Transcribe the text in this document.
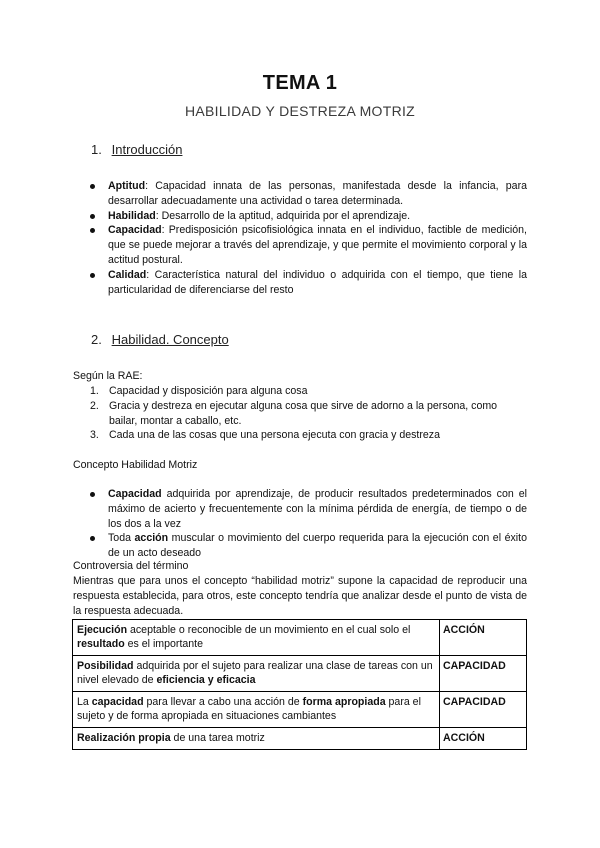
TEMA 1
HABILIDAD Y DESTREZA MOTRIZ
1. Introducción
Aptitud: Capacidad innata de las personas, manifestada desde la infancia, para desarrollar adecuadamente una actividad o tarea determinada.
Habilidad: Desarrollo de la aptitud, adquirida por el aprendizaje.
Capacidad: Predisposición psicofisiológica innata en el individuo, factible de medición, que se puede mejorar a través del aprendizaje, y que permite el movimiento corporal y la actitud postural.
Calidad: Característica natural del individuo o adquirida con el tiempo, que tiene la particularidad de diferenciarse del resto
2. Habilidad. Concepto
Según la RAE:
1. Capacidad y disposición para alguna cosa
2. Gracia y destreza en ejecutar alguna cosa que sirve de adorno a la persona, como bailar, montar a caballo, etc.
3. Cada una de las cosas que una persona ejecuta con gracia y destreza
Concepto Habilidad Motriz
Capacidad adquirida por aprendizaje, de producir resultados predeterminados con el máximo de acierto y frecuentemente con la mínima pérdida de energía, de tiempo o de los dos a la vez
Toda acción muscular o movimiento del cuerpo requerida para la ejecución con el éxito de un acto deseado
Controversia del término
Mientras que para unos el concepto “habilidad motriz” supone la capacidad de reproducir una respuesta establecida, para otros, este concepto tendría que analizar desde el punto de vista de la respuesta adecuada.
Ejecución aceptable o reconocible de un movimiento en el cual solo el resultado es el importante	ACCIÓN
Posibilidad adquirida por el sujeto para realizar una clase de tareas con un nivel elevado de eficiencia y eficacia	CAPACIDAD
La capacidad para llevar a cabo una acción de forma apropiada para el sujeto y de forma apropiada en situaciones cambiantes	CAPACIDAD
Realización propia de una tarea motriz	ACCIÓN
